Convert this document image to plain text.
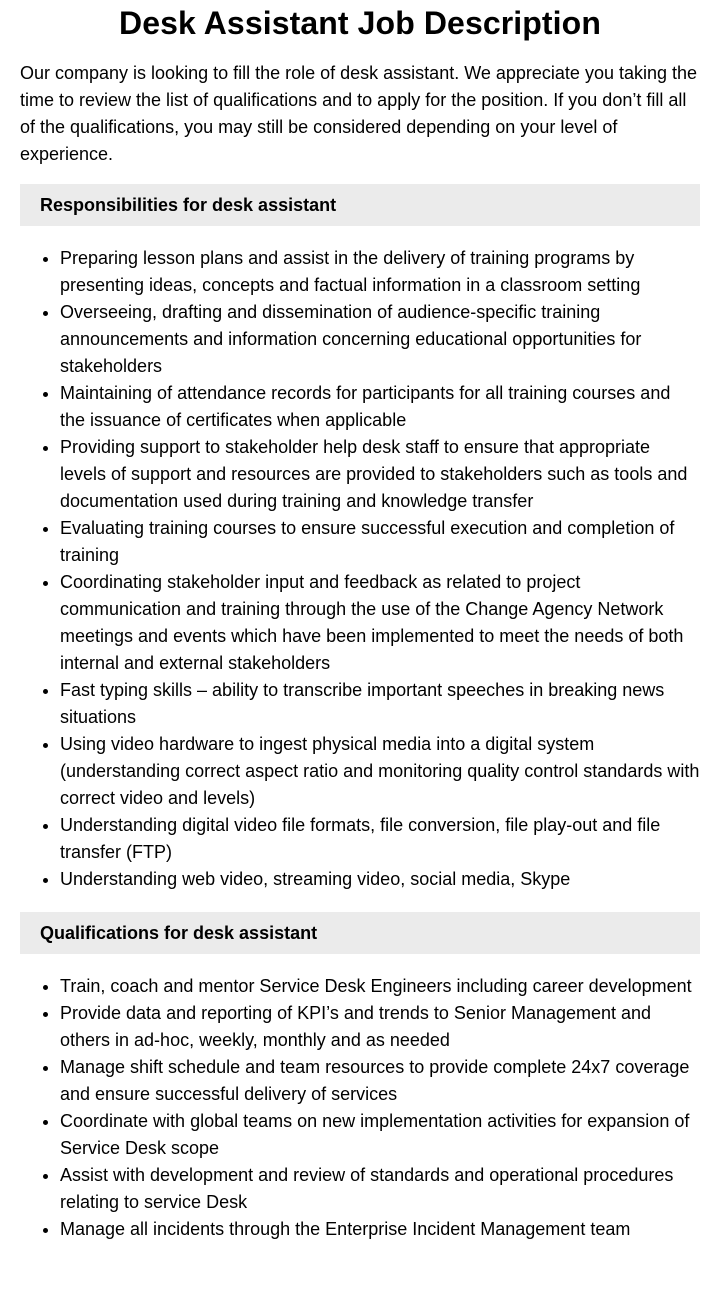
Desk Assistant Job Description

Our company is looking to fill the role of desk assistant. We appreciate you taking the time to review the list of qualifications and to apply for the position. If you don’t fill all of the qualifications, you may still be considered depending on your level of experience.

Responsibilities for desk assistant
• Preparing lesson plans and assist in the delivery of training programs by presenting ideas, concepts and factual information in a classroom setting
• Overseeing, drafting and dissemination of audience-specific training announcements and information concerning educational opportunities for stakeholders
• Maintaining of attendance records for participants for all training courses and the issuance of certificates when applicable
• Providing support to stakeholder help desk staff to ensure that appropriate levels of support and resources are provided to stakeholders such as tools and documentation used during training and knowledge transfer
• Evaluating training courses to ensure successful execution and completion of training
• Coordinating stakeholder input and feedback as related to project communication and training through the use of the Change Agency Network meetings and events which have been implemented to meet the needs of both internal and external stakeholders
• Fast typing skills – ability to transcribe important speeches in breaking news situations
• Using video hardware to ingest physical media into a digital system (understanding correct aspect ratio and monitoring quality control standards with correct video and levels)
• Understanding digital video file formats, file conversion, file play-out and file transfer (FTP)
• Understanding web video, streaming video, social media, Skype
Qualifications for desk assistant
• Train, coach and mentor Service Desk Engineers including career development
• Provide data and reporting of KPI’s and trends to Senior Management and others in ad-hoc, weekly, monthly and as needed
• Manage shift schedule and team resources to provide complete 24x7 coverage and ensure successful delivery of services
• Coordinate with global teams on new implementation activities for expansion of Service Desk scope
• Assist with development and review of standards and operational procedures relating to service Desk
• Manage all incidents through the Enterprise Incident Management team
